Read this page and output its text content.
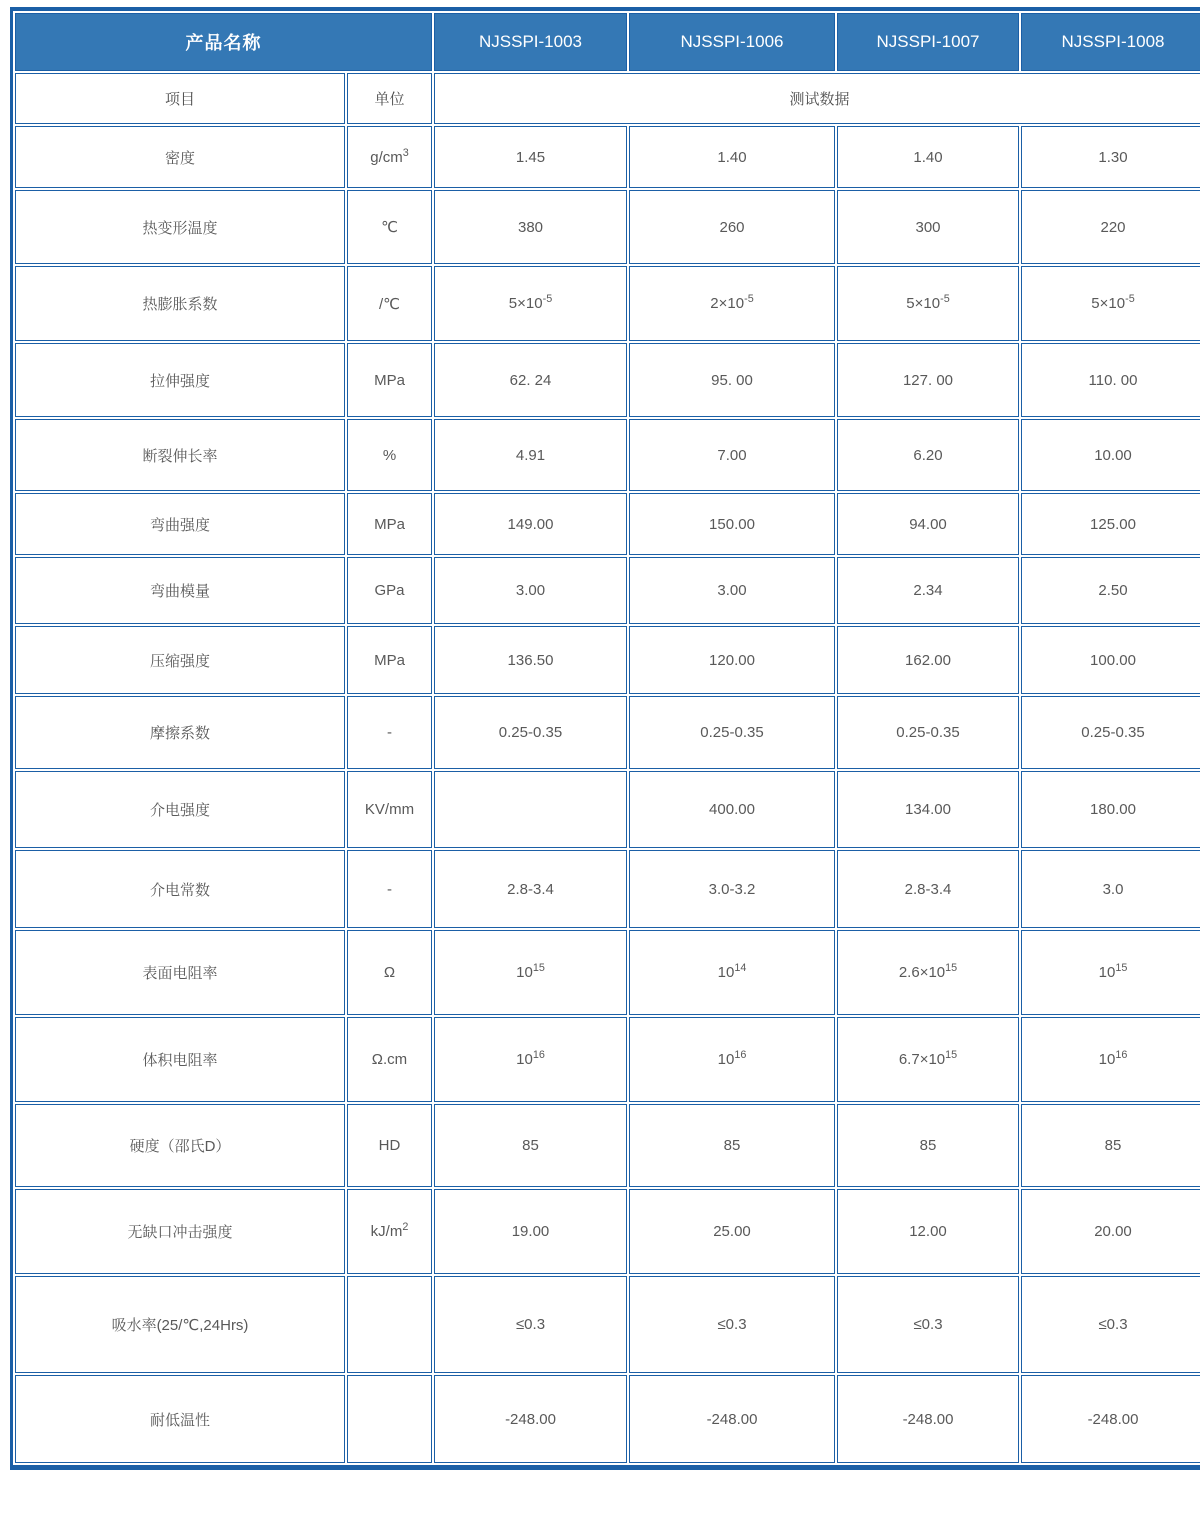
产品名称		NJSSPI-1003	NJSSPI-1006	NJSSPI-1007	NJSSPI-1008
项目	单位	测试数据			
密度	$g/cm^3$	1.45	1.40	1.40	1.30
热变形温度	℃	380	260	300	220
热膨胀系数	/℃	$5\times 10^{-5}$	$2\times 10^{-5}$	$5\times 10^{-5}$	$5\times 10^{-5}$
拉伸强度	MPa	62. 24	95. 00	127. 00	110. 00
断裂伸长率	%	4.91	7.00	6.20	10.00
弯曲强度	MPa	149.00	150.00	94.00	125.00
弯曲模量	GPa	3.00	3.00	2.34	2.50
压缩强度	MPa	136.50	120.00	162.00	100.00
摩擦系数	-	0.25-0.35	0.25-0.35	0.25-0.35	0.25-0.35
介电强度	KV/mm		400.00	134.00	180.00
介电常数	-	2.8-3.4	3.0-3.2	2.8-3.4	3.0
表面电阻率	Ω	$10^{15}$	$10^{14}$	$2.6\times 10^{15}$	$10^{15}$
体积电阻率	Ω.cm	$10^{16}$	$10^{16}$	$6.7\times 10^{15}$	$10^{16}$
硬度（邵氏D）	HD	85	85	85	85
无缺口冲击强度	$kJ/m^2$	19.00	25.00	12.00	20.00
吸水率(25/℃,24Hrs)		≤0.3	≤0.3	≤0.3	≤0.3
耐低温性		-248.00	-248.00	-248.00	-248.00
